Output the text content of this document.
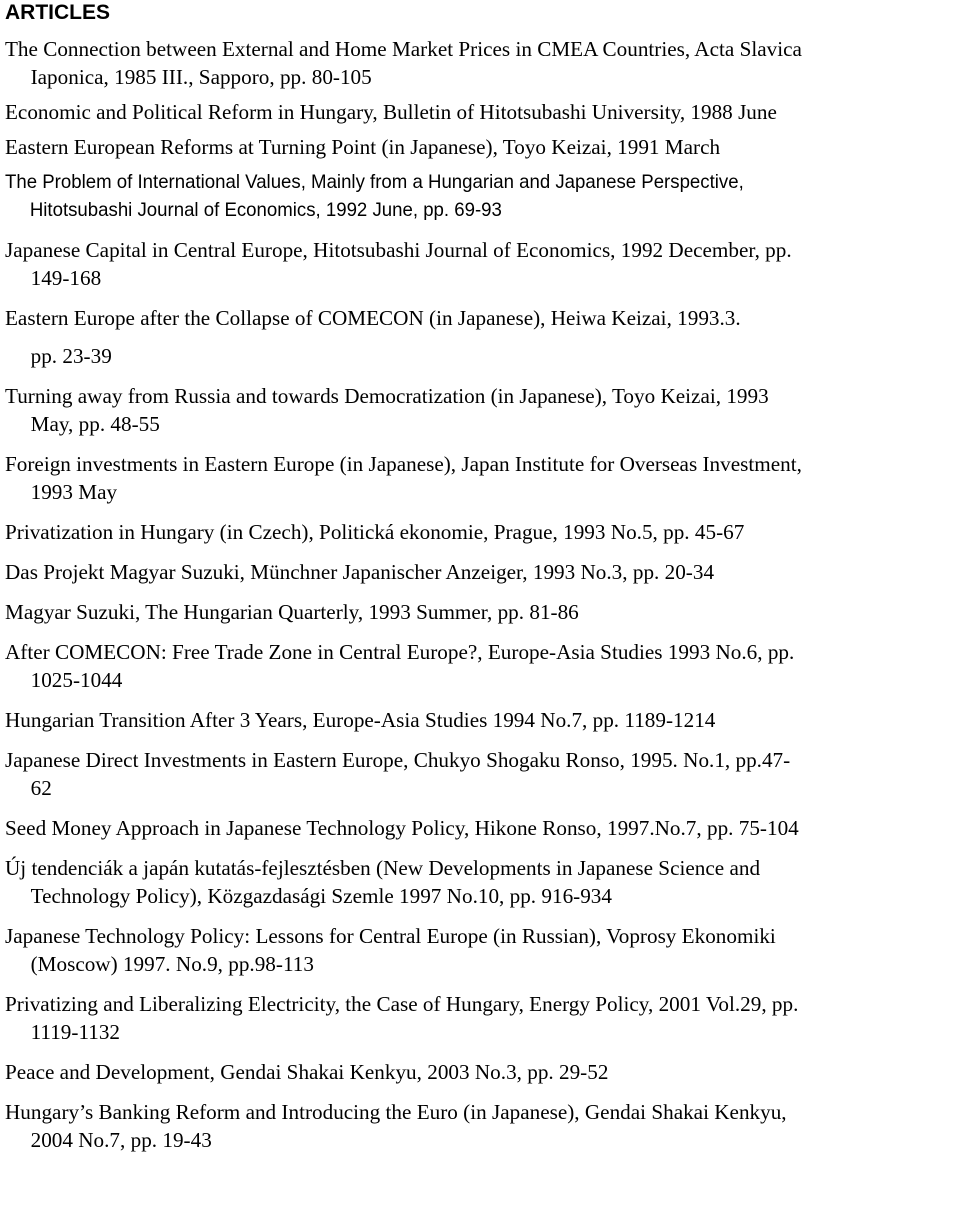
ARTICLES
The Connection between External and Home Market Prices in CMEA Countries, Acta Slavica
Iaponica, 1985 III., Sapporo, pp. 80-105
Economic and Political Reform in Hungary, Bulletin of Hitotsubashi University, 1988 June
Eastern European Reforms at Turning Point (in Japanese), Toyo Keizai, 1991 March
The Problem of International Values, Mainly from a Hungarian and Japanese Perspective,
Hitotsubashi Journal of Economics, 1992 June, pp. 69-93
Japanese Capital in Central Europe, Hitotsubashi Journal of Economics, 1992 December, pp.
149-168
Eastern Europe after the Collapse of COMECON (in Japanese), Heiwa Keizai, 1993.3.
pp. 23-39
Turning away from Russia and towards Democratization (in Japanese), Toyo Keizai, 1993
May, pp. 48-55
Foreign investments in Eastern Europe (in Japanese), Japan Institute for Overseas Investment,
1993 May
Privatization in Hungary (in Czech), Politická ekonomie, Prague, 1993 No.5, pp. 45-67
Das Projekt Magyar Suzuki, Münchner Japanischer Anzeiger, 1993 No.3, pp. 20-34
Magyar Suzuki, The Hungarian Quarterly, 1993 Summer, pp. 81-86
After COMECON: Free Trade Zone in Central Europe?, Europe-Asia Studies 1993 No.6, pp.
1025-1044
Hungarian Transition After 3 Years, Europe-Asia Studies 1994 No.7, pp. 1189-1214
Japanese Direct Investments in Eastern Europe, Chukyo Shogaku Ronso, 1995. No.1, pp.47-
62
Seed Money Approach in Japanese Technology Policy, Hikone Ronso, 1997.No.7, pp. 75-104
Új tendenciák a japán kutatás-fejlesztésben (New Developments in Japanese Science and
Technology Policy), Közgazdasági Szemle 1997 No.10, pp. 916-934
Japanese Technology Policy: Lessons for Central Europe (in Russian), Voprosy Ekonomiki
(Moscow) 1997. No.9, pp.98-113
Privatizing and Liberalizing Electricity, the Case of Hungary, Energy Policy, 2001 Vol.29, pp.
1119-1132
Peace and Development, Gendai Shakai Kenkyu, 2003 No.3, pp. 29-52
Hungary’s Banking Reform and Introducing the Euro (in Japanese), Gendai Shakai Kenkyu,
2004 No.7, pp. 19-43
